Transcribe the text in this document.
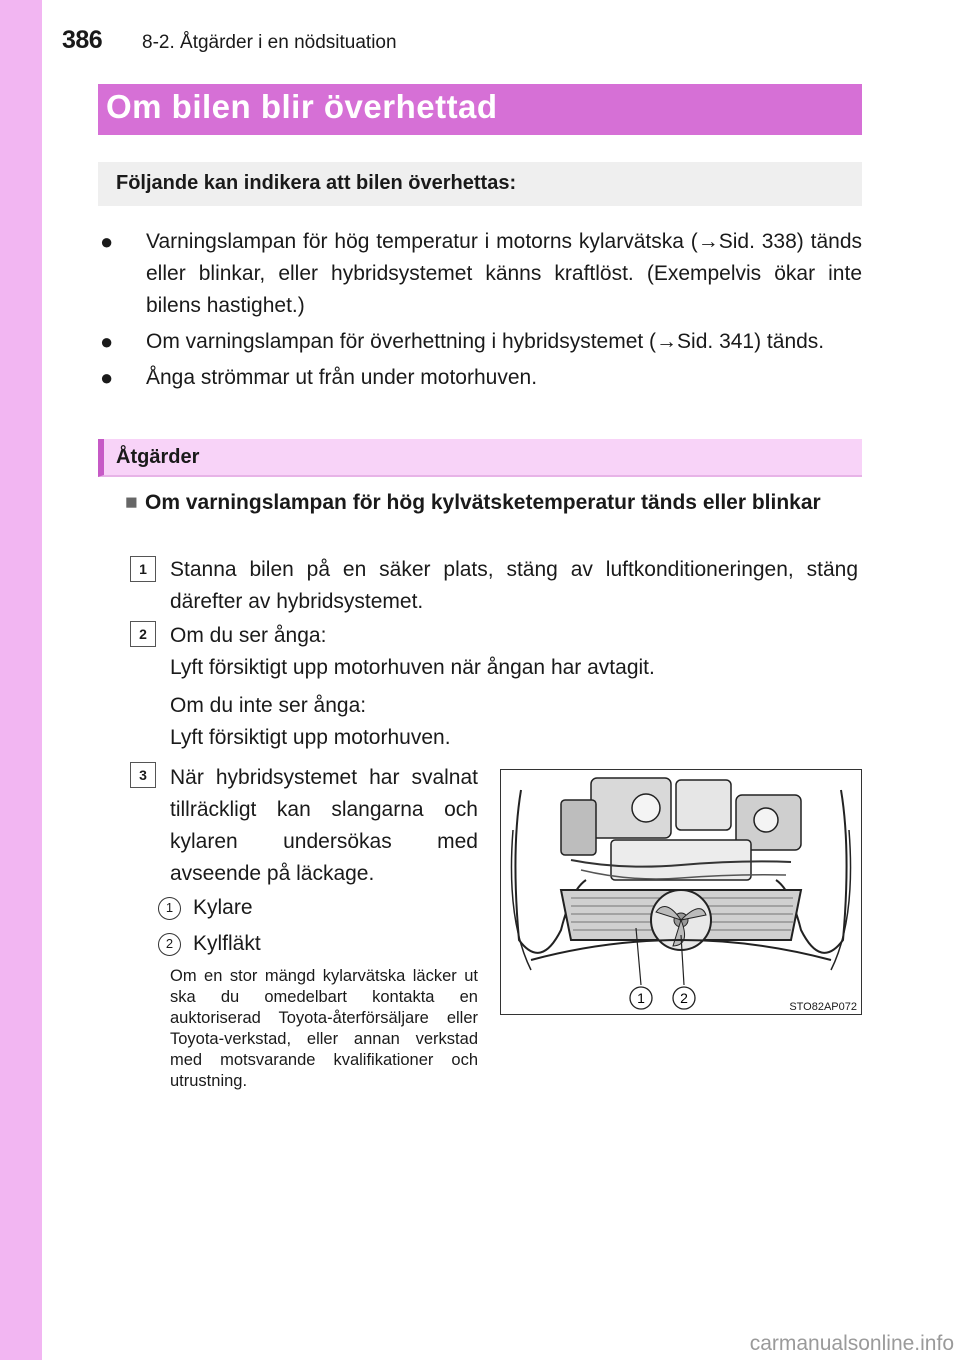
386 8-2. Åtgärder i en nödsituation
Om bilen blir överhettad
Följande kan indikera att bilen överhettas:
●	Varningslampan för hög temperatur i motorns kylarvätska (→Sid. 338) tänds eller blinkar, eller hybridsystemet känns kraftlöst. (Exempelvis ökar inte bilens hastighet.)
●	Om varningslampan för överhettning i hybridsystemet (→Sid. 341) tänds.
●	Ånga strömmar ut från under motorhuven.
Åtgärder
■ Om varningslampan för hög kylvätsketemperatur tänds eller blinkar
1	Stanna bilen på en säker plats, stäng av luftkonditioneringen, stäng därefter av hybridsystemet.
2	Om du ser ånga:
Lyft försiktigt upp motorhuven när ångan har avtagit.
Om du inte ser ånga:
Lyft försiktigt upp motorhuven.
3	När hybridsystemet har svalnat tillräckligt kan slangarna och kylaren undersökas med avseende på läckage.
1 Kylare
2 Kylfläkt
Om en stor mängd kylarvätska läcker ut ska du omedelbart kontakta en auktoriserad Toyota-återförsäljare eller Toyota-verkstad, eller annan verkstad med motsvarande kvalifikationer och utrustning.
1	2
STO82AP072
carmanualsonline.info
